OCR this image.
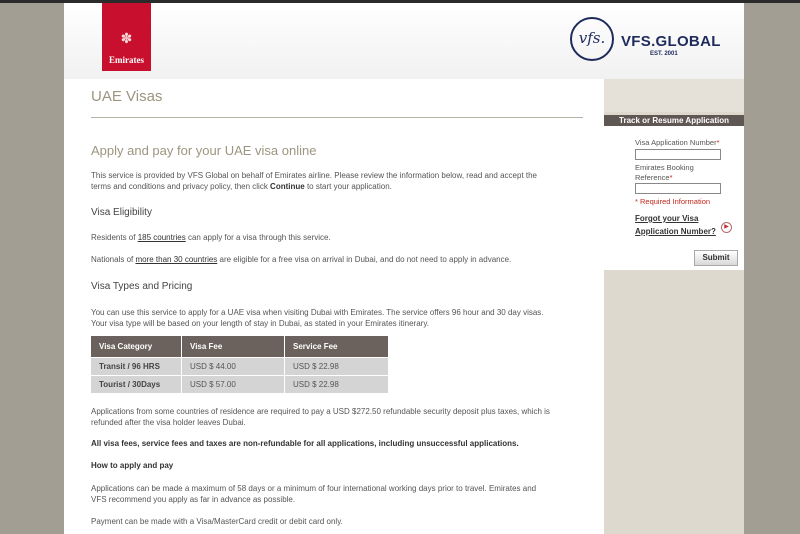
✽
Emirates
vfs.	VFS.GLOBAL
EST. 2001
UAE Visas
Apply and pay for your UAE visa online
This service is provided by VFS Global on behalf of Emirates airline. Please review the information below, read and accept the terms and conditions and privacy policy, then click Continue to start your application.
Visa Eligibility
Residents of 185 countries can apply for a visa through this service.
Nationals of more than 30 countries are eligible for a free visa on arrival in Dubai, and do not need to apply in advance.
Visa Types and Pricing
You can use this service to apply for a UAE visa when visiting Dubai with Emirates. The service offers 96 hour and 30 day visas. Your visa type will be based on your length of stay in Dubai, as stated in your Emirates itinerary.
Visa Category	Visa Fee	Service Fee
Transit / 96 HRS	USD $ 44.00	USD $ 22.98
Tourist / 30Days	USD $ 57.00	USD $ 22.98
Applications from some countries of residence are required to pay a USD $272.50 refundable security deposit plus taxes, which is refunded after the visa holder leaves Dubai.
All visa fees, service fees and taxes are non-refundable for all applications, including unsuccessful applications.
How to apply and pay
Applications can be made a maximum of 58 days or a minimum of four international working days prior to travel. Emirates and VFS recommend you apply as far in advance as possible.
Payment can be made with a Visa/MasterCard credit or debit card only.
Track or Resume Application
Visa Application Number*
Emirates Booking Reference*
* Required Information
Forgot your Visa Application Number?	▶
Submit
